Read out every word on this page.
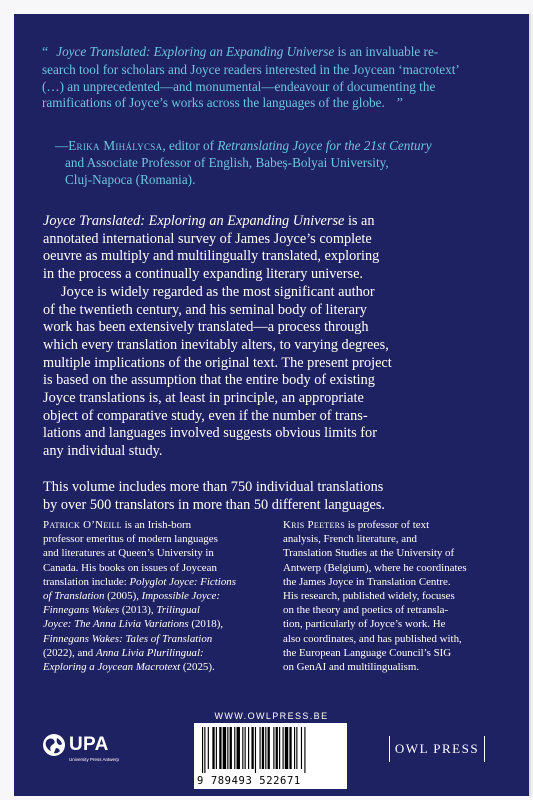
“ Joyce Translated: Exploring an Expanding Universe is an invaluable re-
search tool for scholars and Joyce readers interested in the Joycean ‘macrotext’
(…) an unprecedented—and monumental—endeavour of documenting the
ramifications of Joyce’s works across the languages of the globe. ”
—Erika Mihálycsa, editor of Retranslating Joyce for the 21st Century
and Associate Professor of English, Babeș-Bolyai University,
Cluj-Napoca (Romania).
Joyce Translated: Exploring an Expanding Universe is an
annotated international survey of James Joyce’s complete
oeuvre as multiply and multilingually translated, exploring
in the process a continually expanding literary universe.
Joyce is widely regarded as the most significant author
of the twentieth century, and his seminal body of literary
work has been extensively translated—a process through
which every translation inevitably alters, to varying degrees,
multiple implications of the original text. The present project
is based on the assumption that the entire body of existing
Joyce translations is, at least in principle, an appropriate
object of comparative study, even if the number of trans-
lations and languages involved suggests obvious limits for
any individual study.
This volume includes more than 750 individual translations
by over 500 translators in more than 50 different languages.
Patrick O’Neill is an Irish-born
professor emeritus of modern languages
and literatures at Queen’s University in
Canada. His books on issues of Joycean
translation include: Polyglot Joyce: Fictions
of Translation (2005), Impossible Joyce:
Finnegans Wakes (2013), Trilingual
Joyce: The Anna Livia Variations (2018),
Finnegans Wakes: Tales of Translation
(2022), and Anna Livia Plurilingual:
Exploring a Joycean Macrotext (2025).
Kris Peeters is professor of text
analysis, French literature, and
Translation Studies at the University of
Antwerp (Belgium), where he coordinates
the James Joyce in Translation Centre.
His research, published widely, focuses
on the theory and poetics of retransla-
tion, particularly of Joyce’s work. He
also coordinates, and has published with,
the European Language Council’s SIG
on GenAI and multilingualism.
WWW.OWLPRESS.BE
UPA
University Press Antwerp
9 789493 522671
OWL PRESS
